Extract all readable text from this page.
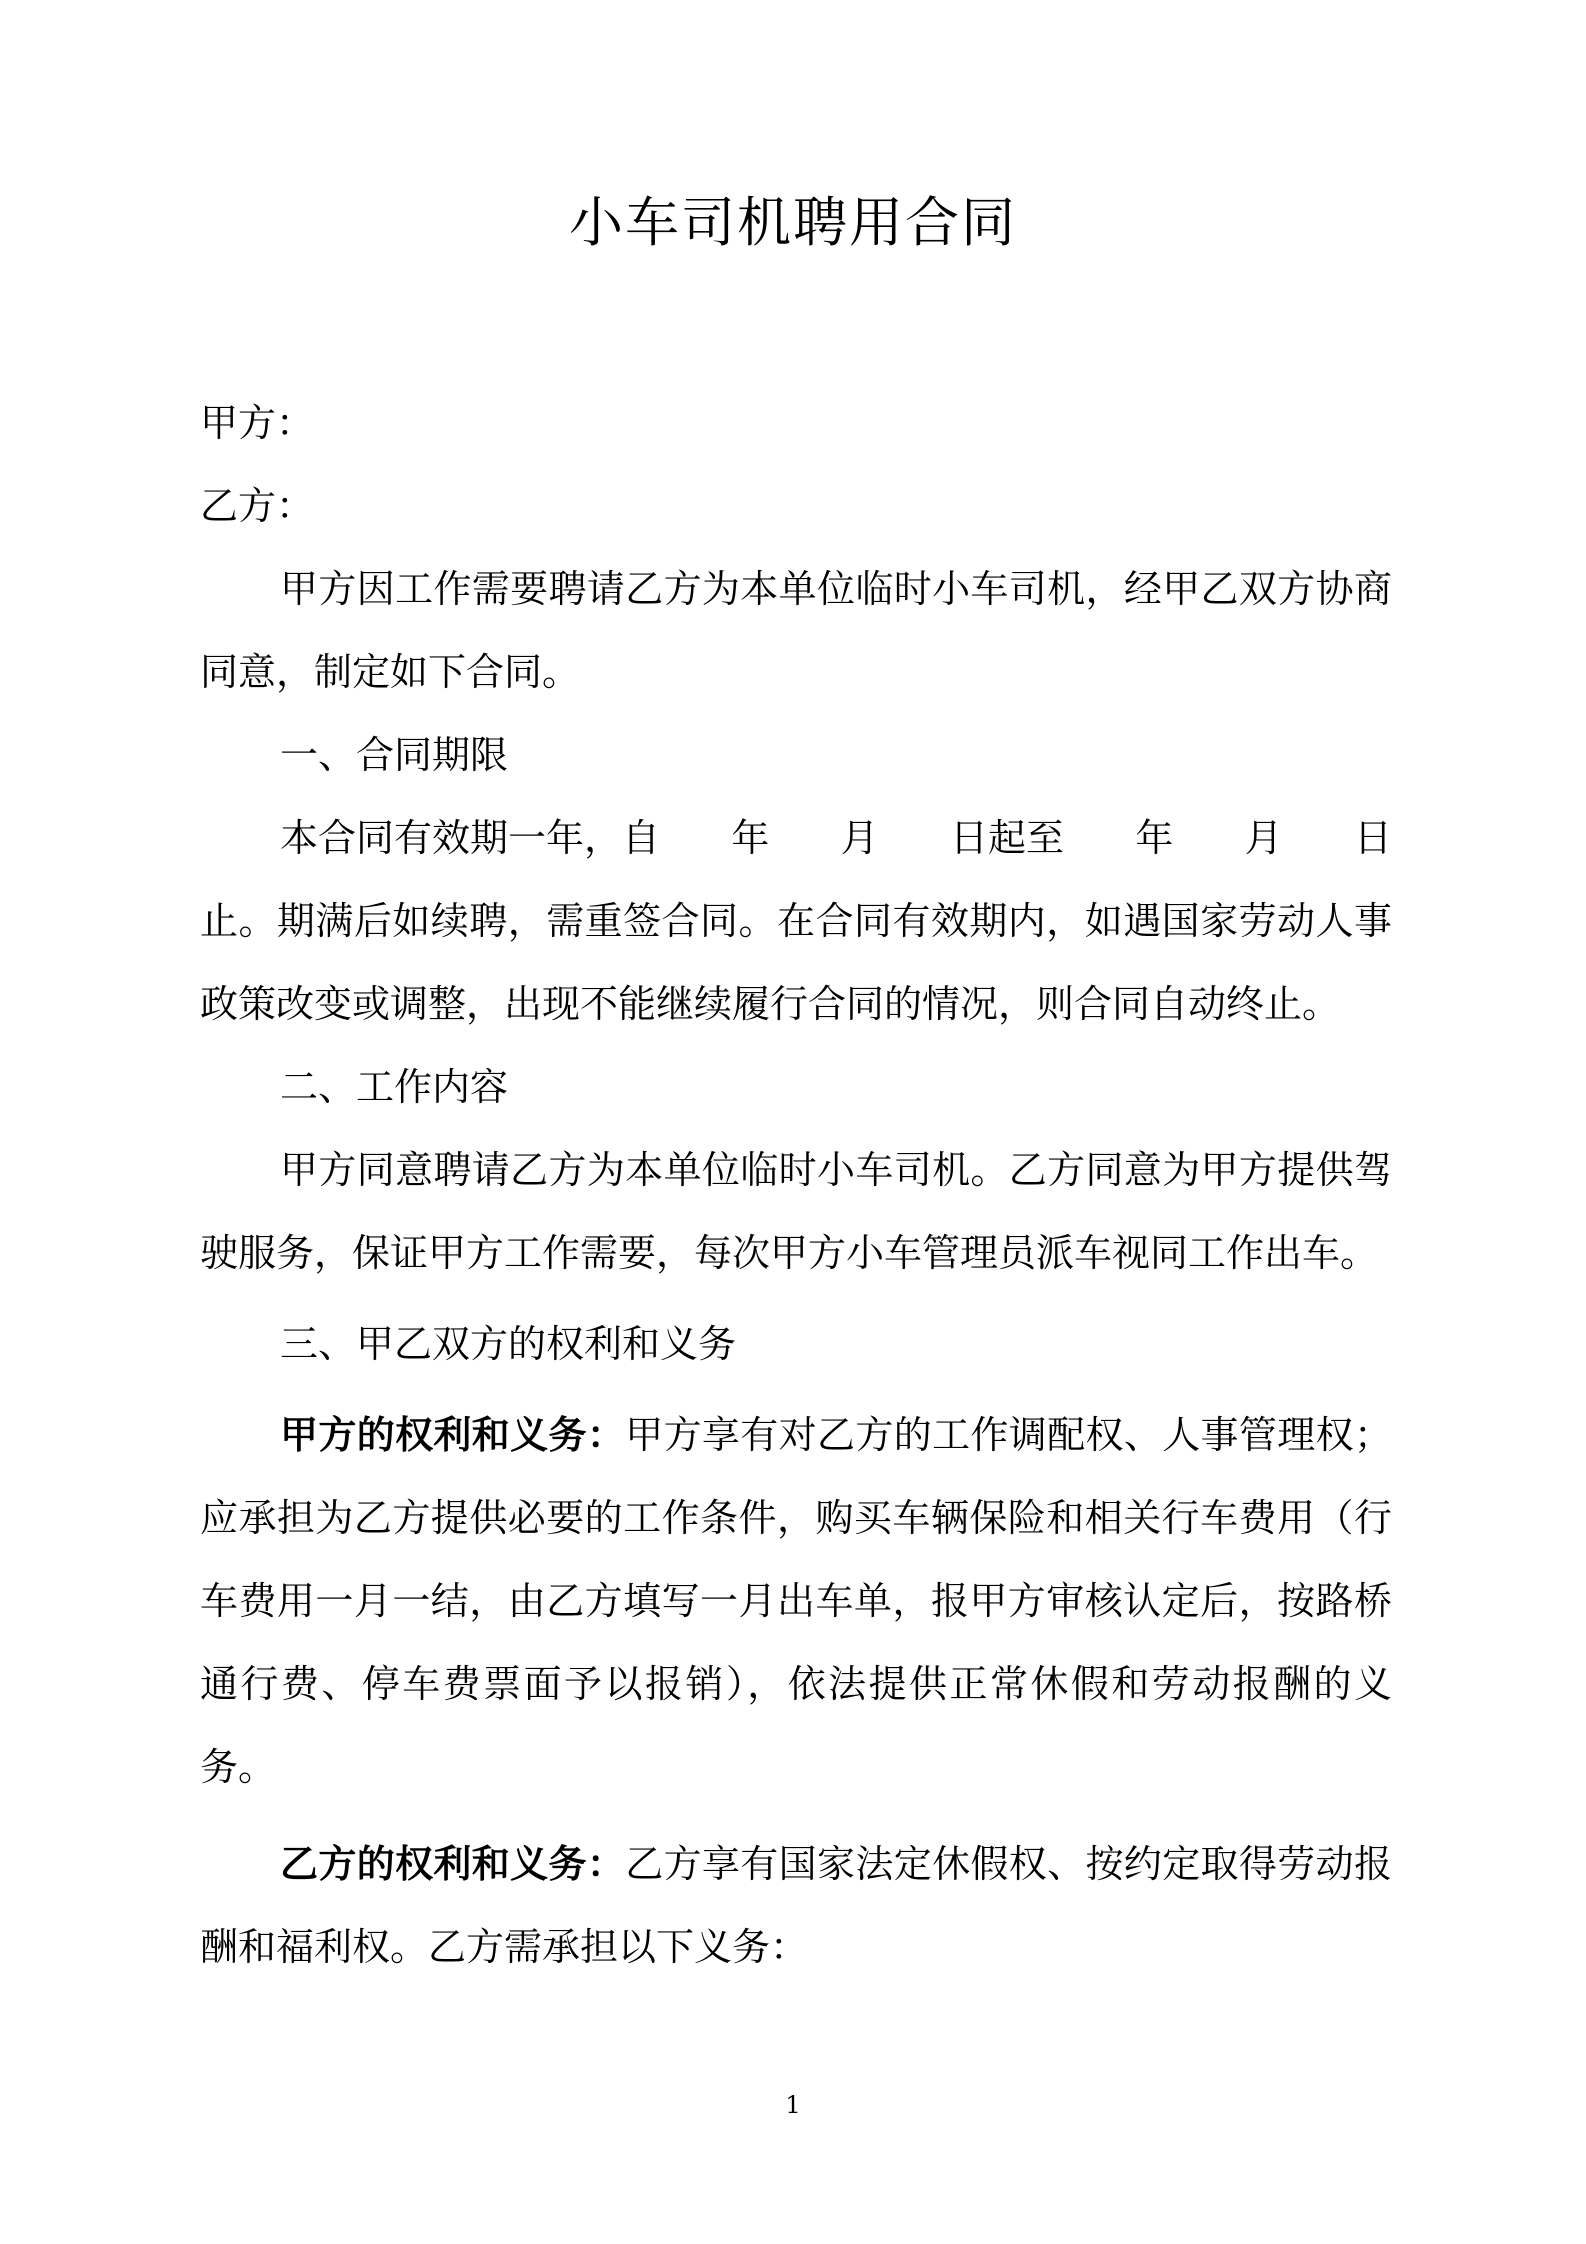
小车司机聘用合同

甲方：

乙方：

甲方因工作需要聘请乙方为本单位临时小车司机，经甲乙双方协商同意，制定如下合同。

一、合同期限

本合同有效期一年，自 年 月 日起至 年 月 日

止。期满后如续聘，需重签合同。在合同有效期内，如遇国家劳动人事政策改变或调整，出现不能继续履行合同的情况，则合同自动终止。

二、工作内容

甲方同意聘请乙方为本单位临时小车司机。乙方同意为甲方提供驾驶服务，保证甲方工作需要，每次甲方小车管理员派车视同工作出车。

三、甲乙双方的权利和义务

甲方的权利和义务：甲方享有对乙方的工作调配权、人事管理权；应承担为乙方提供必要的工作条件，购买车辆保险和相关行车费用（行车费用一月一结，由乙方填写一月出车单，报甲方审核认定后，按路桥通行费、停车费票面予以报销），依法提供正常休假和劳动报酬的义务。

乙方的权利和义务：乙方享有国家法定休假权、按约定取得劳动报酬和福利权。乙方需承担以下义务：

1
